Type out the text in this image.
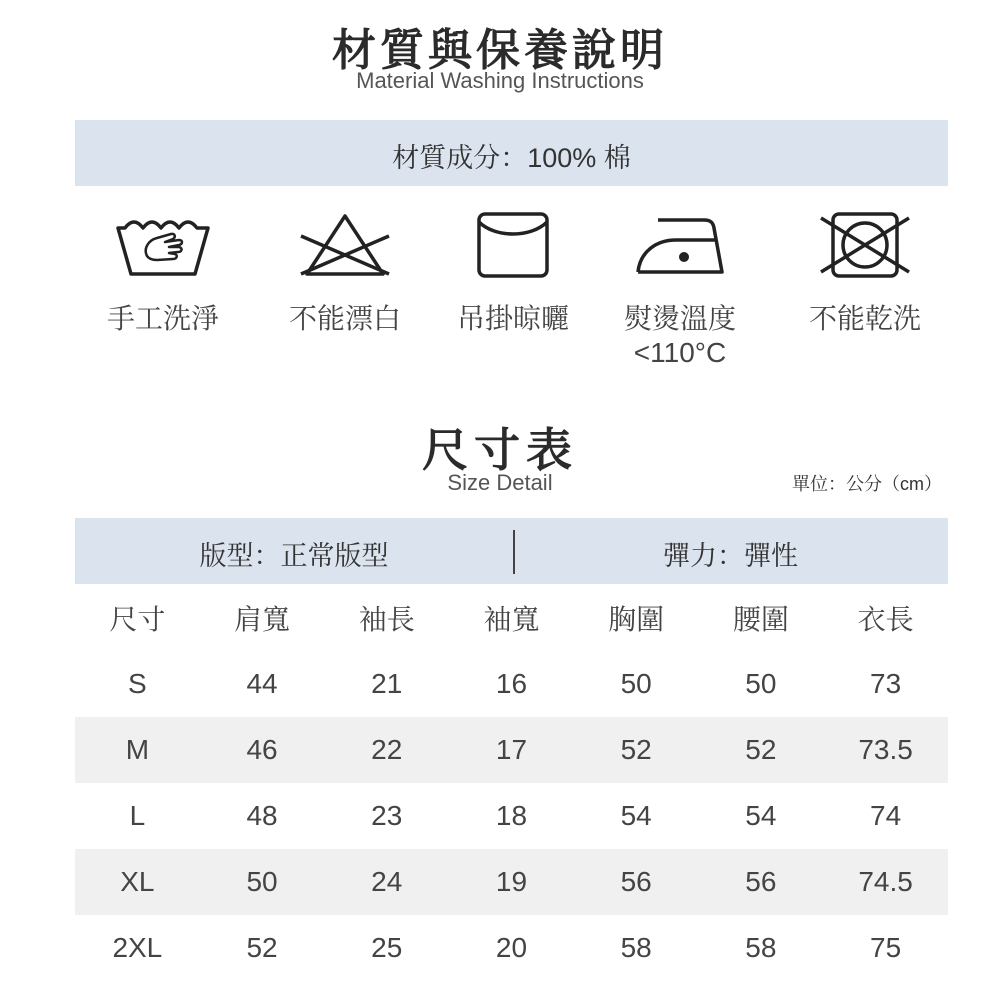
材質與保養說明
Material Washing Instructions
材質成分：100% 棉
手工洗淨	不能漂白	吊掛晾曬	熨燙溫度
<110°C
不能乾洗
尺寸表
Size Detail	單位：公分（cm）
版型：正常版型	彈力：彈性
尺寸	肩寬	袖長	袖寬	胸圍	腰圍	衣長
S	44	21	16	50	50	73
M	46	22	17	52	52	73.5
L	48	23	18	54	54	74
XL	50	24	19	56	56	74.5
2XL	52	25	20	58	58	75
